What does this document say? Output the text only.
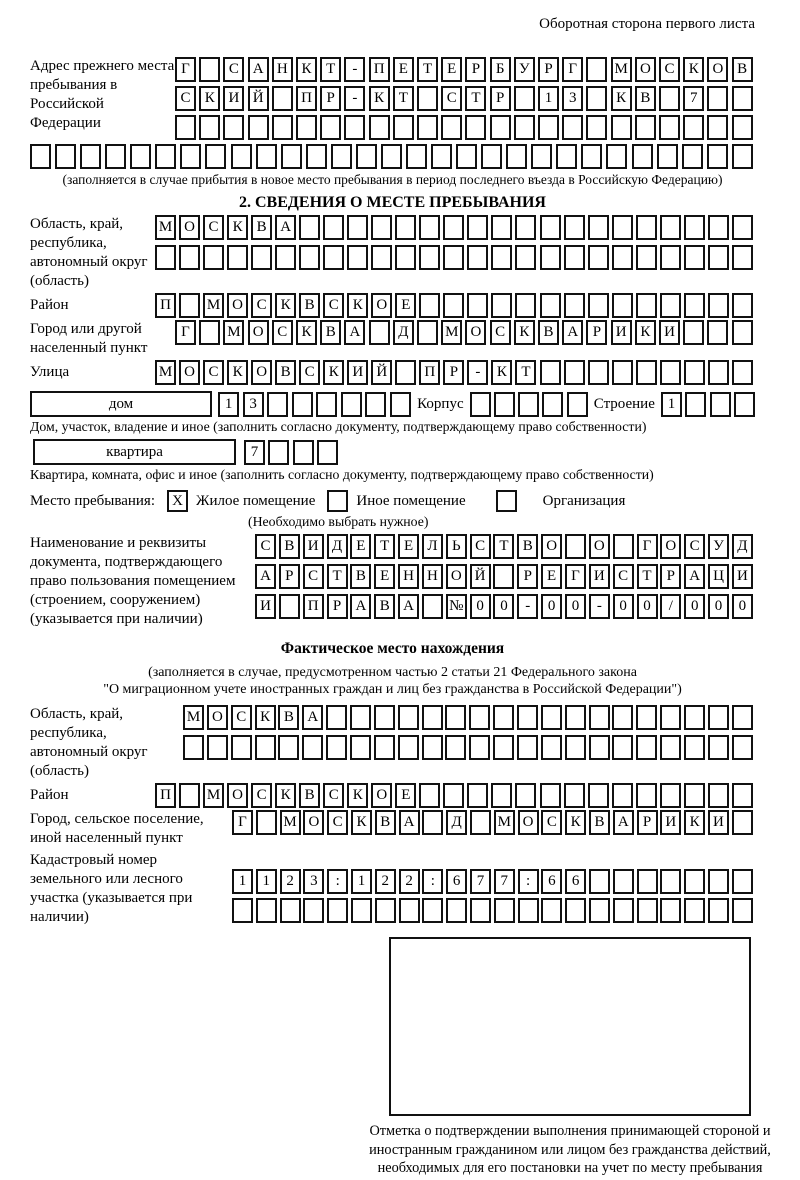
Оборотная сторона первого листа
Адрес прежнего места пребывания в Российской Федерации
Г	С А Н К Т	-	П Е	Т	Е	Р	Б У Р	Г	М О С К О В
С К И Й	П Р	-	К Т	С Т	Р	1	3	К В	7
(заполняется в случае прибытия в новое место пребывания в период последнего въезда в Российскую Федерацию)
2. СВЕДЕНИЯ О МЕСТЕ ПРЕБЫВАНИЯ
Область, край, республика, автономный округ (область)
М О С К В А
Район	П	М О С К В С К О Е
Город или другой населенный пункт
Г	М О С К В А	Д	М О С К В А Р И К И
Улица	М О С К О В С К И Й	П Р	-	К Т
дом	1	3	Корпус	Строение 1
Дом, участок, владение и иное (заполнить согласно документу, подтверждающему право собственности)
квартира	7
Квартира, комната, офис и иное (заполнить согласно документу, подтверждающему право собственности)
Место пребывания:	X Жилое помещение	Иное помещение	Организация
(Необходимо выбрать нужное)
Наименование и реквизиты документа, подтверждающего право пользования помещением (строением, сооружением) (указывается при наличии)
С В И Д Е Т Е Л Ь С Т В О	О	Г О С У Д
А Р С Т В Е Н Н О Й	Р	Е Г И С Т	Р А Ц И
И	П Р А В А	№ 0	0	-	0	0	-	0	0	/	0	0	0
Фактическое место нахождения
(заполняется в случае, предусмотренном частью 2 статьи 21 Федерального закона
"О миграционном учете иностранных граждан и лиц без гражданства в Российской Федерации")
Область, край, республика, автономный округ (область)
М О С К В А
Район	П	М О С К В С К О Е
Город, сельское поселение, иной населенный пункт
Г	М О С К В А	Д	М О С К В А Р И К И
Кадастровый номер земельного или лесного участка (указывается при наличии)
1	1	2	3	:	1	2	2	:	6	7	7	:	6	6
Отметка о подтверждении выполнения принимающей стороной и иностранным гражданином или лицом без гражданства действий, необходимых для его постановки на учет по месту пребывания
